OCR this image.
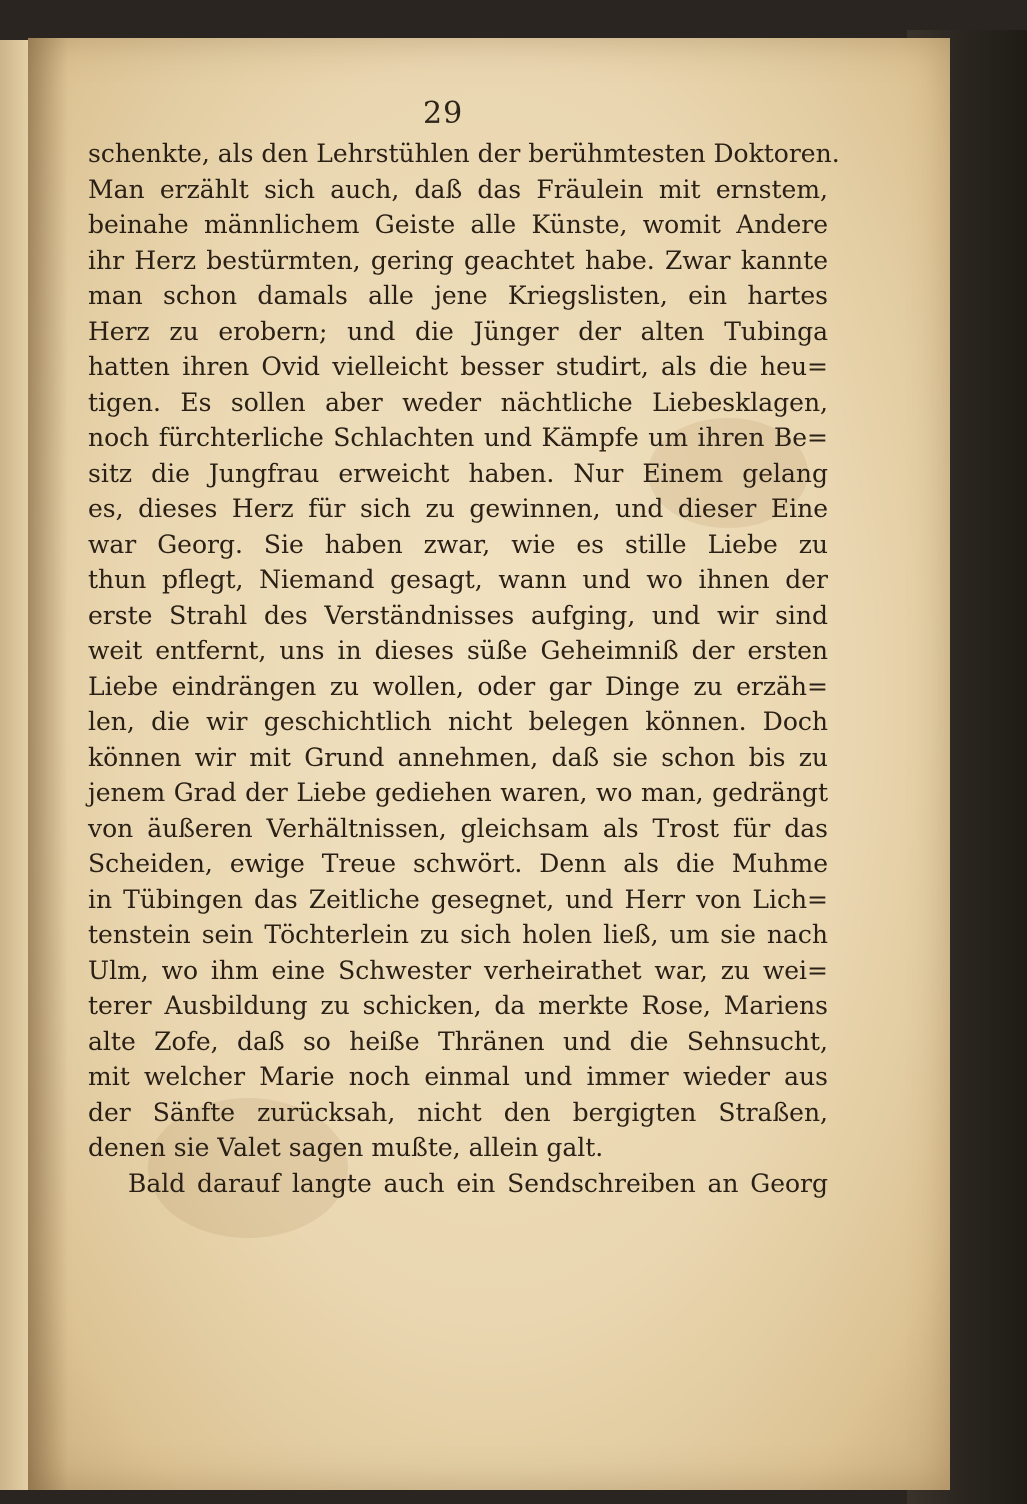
29
schenkte, als den Lehrstühlen der berühmtesten Doktoren.
Man erzählt sich auch, daß das Fräulein mit ernstem,
beinahe männlichem Geiste alle Künste, womit Andere
ihr Herz bestürmten, gering geachtet habe. Zwar kannte
man schon damals alle jene Kriegslisten, ein hartes
Herz zu erobern; und die Jünger der alten Tubinga
hatten ihren Ovid vielleicht besser studirt, als die heu=
tigen. Es sollen aber weder nächtliche Liebesklagen,
noch fürchterliche Schlachten und Kämpfe um ihren Be=
sitz die Jungfrau erweicht haben. Nur Einem gelang
es, dieses Herz für sich zu gewinnen, und dieser Eine
war Georg. Sie haben zwar, wie es stille Liebe zu
thun pflegt, Niemand gesagt, wann und wo ihnen der
erste Strahl des Verständnisses aufging, und wir sind
weit entfernt, uns in dieses süße Geheimniß der ersten
Liebe eindrängen zu wollen, oder gar Dinge zu erzäh=
len, die wir geschichtlich nicht belegen können. Doch
können wir mit Grund annehmen, daß sie schon bis zu
jenem Grad der Liebe gediehen waren, wo man, gedrängt
von äußeren Verhältnissen, gleichsam als Trost für das
Scheiden, ewige Treue schwört. Denn als die Muhme
in Tübingen das Zeitliche gesegnet, und Herr von Lich=
tenstein sein Töchterlein zu sich holen ließ, um sie nach
Ulm, wo ihm eine Schwester verheirathet war, zu wei=
terer Ausbildung zu schicken, da merkte Rose, Mariens
alte Zofe, daß so heiße Thränen und die Sehnsucht,
mit welcher Marie noch einmal und immer wieder aus
der Sänfte zurücksah, nicht den bergigten Straßen,
denen sie Valet sagen mußte, allein galt.
Bald darauf langte auch ein Sendschreiben an Georg
